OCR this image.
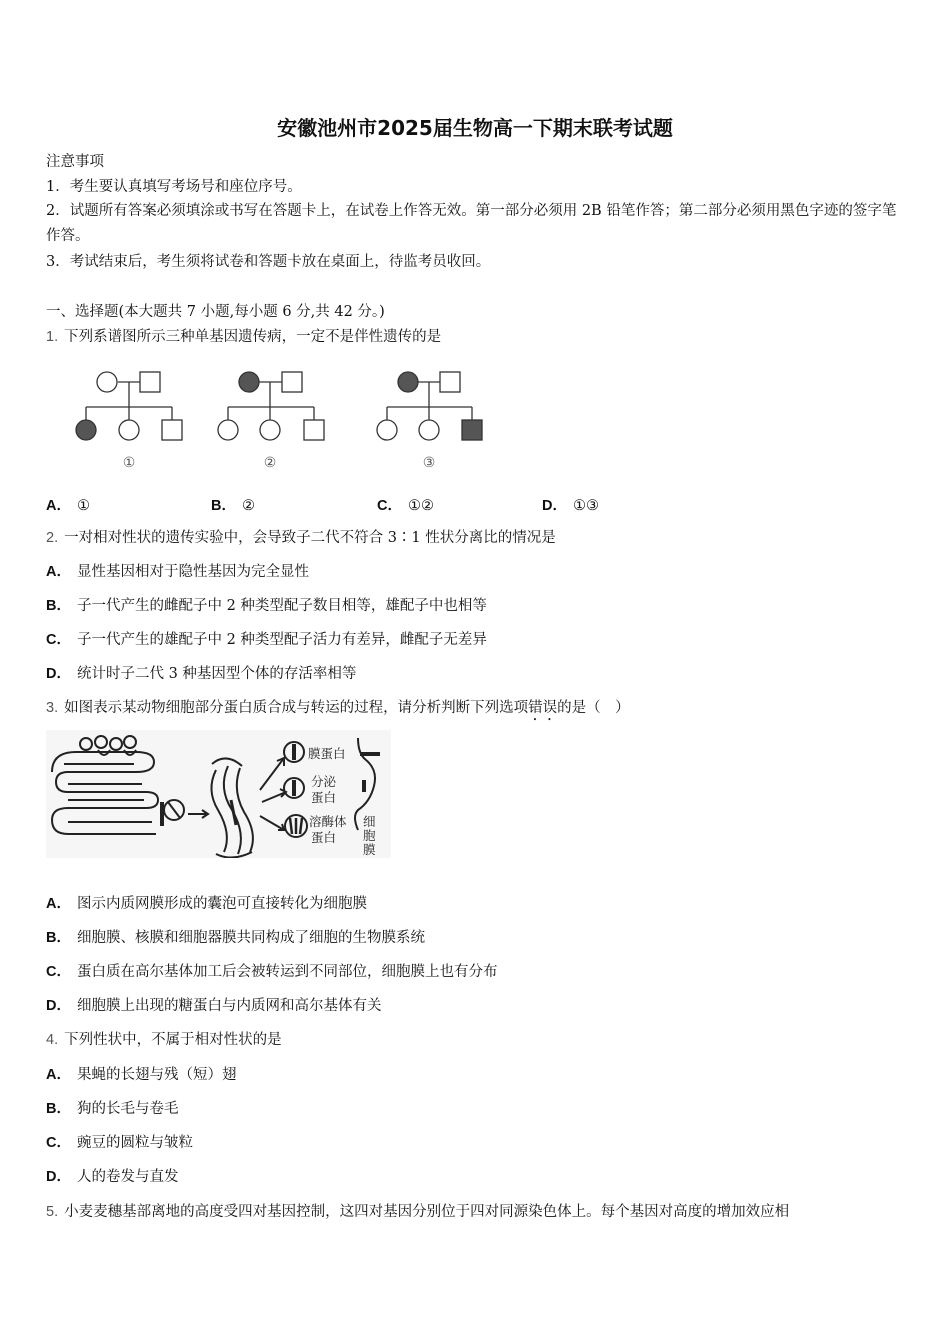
安徽池州市2025届生物高一下期末联考试题
注意事项
1．考生要认真填写考场号和座位序号。
2．试题所有答案必须填涂或书写在答题卡上，在试卷上作答无效。第一部分必须用 2B 铅笔作答；第二部分必须用黑色字迹的签字笔作答。
3．考试结束后，考生须将试卷和答题卡放在桌面上，待监考员收回。
一、选择题(本大题共 7 小题,每小题 6 分,共 42 分。)
1. 下列系谱图所示三种单基因遗传病，一定不是伴性遗传的是
①	②	③
A． ①	B． ②	C． ①②	D． ①③
2. 一对相对性状的遗传实验中，会导致子二代不符合 3∶1 性状分离比的情况是
A． 显性基因相对于隐性基因为完全显性
B． 子一代产生的雌配子中 2 种类型配子数目相等，雄配子中也相等
C． 子一代产生的雄配子中 2 种类型配子活力有差异，雌配子无差异
D． 统计时子二代 3 种基因型个体的存活率相等
3. 如图表示某动物细胞部分蛋白质合成与转运的过程，请分析判断下列选项错误的是（　）
膜蛋白
分泌
蛋白
溶酶体
蛋白
细
胞
膜
A． 图示内质网膜形成的囊泡可直接转化为细胞膜
B． 细胞膜、核膜和细胞器膜共同构成了细胞的生物膜系统
C． 蛋白质在高尔基体加工后会被转运到不同部位，细胞膜上也有分布
D． 细胞膜上出现的糖蛋白与内质网和高尔基体有关
4. 下列性状中，不属于相对性状的是
A． 果蝇的长翅与残（短）翅
B． 狗的长毛与卷毛
C． 豌豆的圆粒与皱粒
D． 人的卷发与直发
5. 小麦麦穗基部离地的高度受四对基因控制，这四对基因分别位于四对同源染色体上。每个基因对高度的增加效应相
